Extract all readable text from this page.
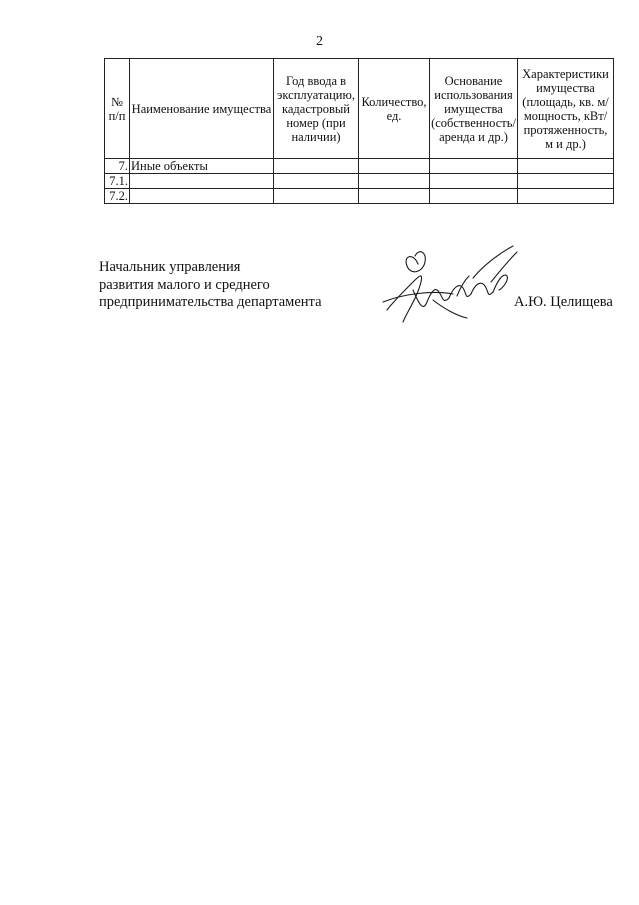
2
№ п/п	Наименование имущества	Год ввода в эксплуатацию, кадастровый номер (при наличии)	Количество, ед.	Основание использования имущества (собственность/ аренда и др.)	Характеристики имущества (площадь, кв. м/ мощность, кВт/ протяженность, м и др.)
7.	Иные объекты				
7.1.					
7.2.					
Начальник управления
развития малого и среднего
предпринимательства департамента	А.Ю. Целищева
